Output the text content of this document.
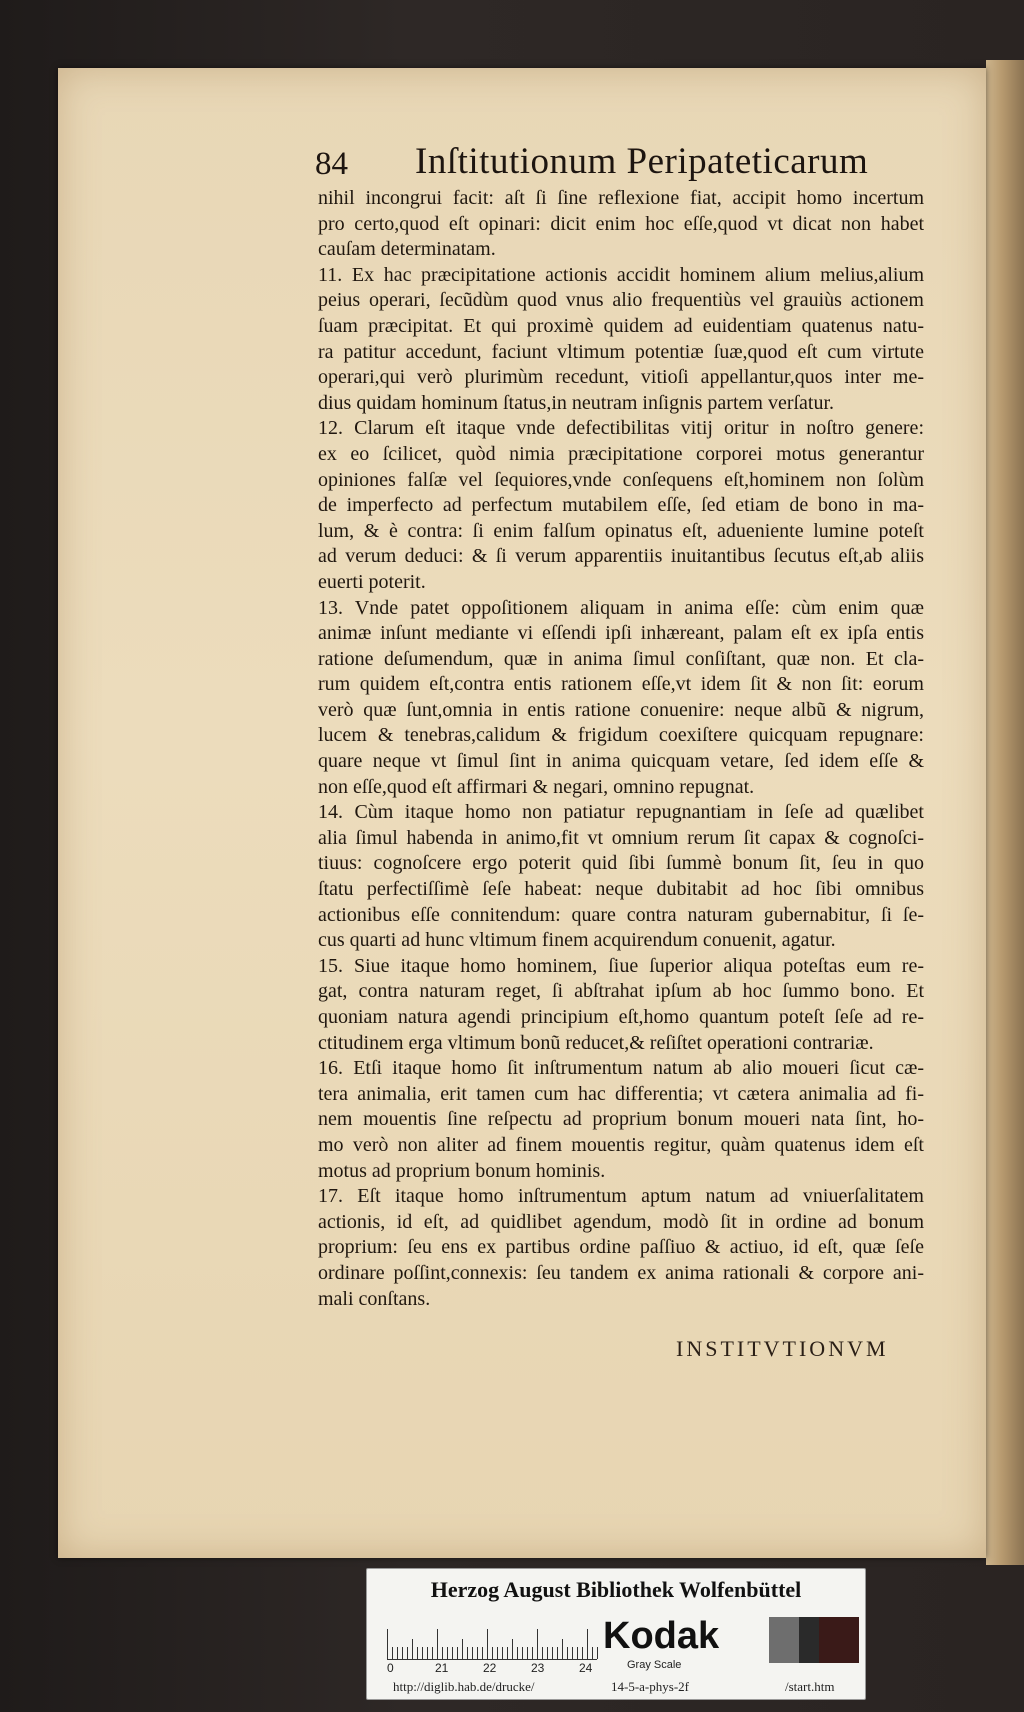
84 Inſtitutionum Peripateticarum
nihil incongrui facit: aſt ſi ſine reflexione fiat, accipit homo incertum
pro certo,quod eſt opinari: dicit enim hoc eſſe,quod vt dicat non habet
cauſam determinatam.
11. Ex hac præcipitatione actionis accidit hominem alium melius,alium
peius operari, ſecũdùm quod vnus alio frequentiùs vel grauiùs actionem
ſuam præcipitat. Et qui proximè quidem ad euidentiam quatenus natu-
ra patitur accedunt, faciunt vltimum potentiæ ſuæ,quod eſt cum virtute
operari,qui verò plurimùm recedunt, vitioſi appellantur,quos inter me-
dius quidam hominum ſtatus,in neutram inſignis partem verſatur.
12. Clarum eſt itaque vnde defectibilitas vitij oritur in noſtro genere:
ex eo ſcilicet, quòd nimia præcipitatione corporei motus generantur
opiniones falſæ vel ſequiores,vnde conſequens eſt,hominem non ſolùm
de imperfecto ad perfectum mutabilem eſſe, ſed etiam de bono in ma-
lum, & è contra: ſi enim falſum opinatus eſt, adueniente lumine poteſt
ad verum deduci: & ſi verum apparentiis inuitantibus ſecutus eſt,ab aliis
euerti poterit.
13. Vnde patet oppoſitionem aliquam in anima eſſe: cùm enim quæ
animæ inſunt mediante vi eſſendi ipſi inhæreant, palam eſt ex ipſa entis
ratione deſumendum, quæ in anima ſimul conſiſtant, quæ non. Et cla-
rum quidem eſt,contra entis rationem eſſe,vt idem ſit & non ſit: eorum
verò quæ ſunt,omnia in entis ratione conuenire: neque albũ & nigrum,
lucem & tenebras,calidum & frigidum coexiſtere quicquam repugnare:
quare neque vt ſimul ſint in anima quicquam vetare, ſed idem eſſe &
non eſſe,quod eſt affirmari & negari, omnino repugnat.
14. Cùm itaque homo non patiatur repugnantiam in ſeſe ad quælibet
alia ſimul habenda in animo,fit vt omnium rerum ſit capax & cognoſci-
tiuus: cognoſcere ergo poterit quid ſibi ſummè bonum ſit, ſeu in quo
ſtatu perfectiſſimè ſeſe habeat: neque dubitabit ad hoc ſibi omnibus
actionibus eſſe connitendum: quare contra naturam gubernabitur, ſi ſe-
cus quarti ad hunc vltimum finem acquirendum conuenit, agatur.
15. Siue itaque homo hominem, ſiue ſuperior aliqua poteſtas eum re-
gat, contra naturam reget, ſi abſtrahat ipſum ab hoc ſummo bono. Et
quoniam natura agendi principium eſt,homo quantum poteſt ſeſe ad re-
ctitudinem erga vltimum bonũ reducet,& reſiſtet operationi contrariæ.
16. Etſi itaque homo ſit inſtrumentum natum ab alio moueri ſicut cæ-
tera animalia, erit tamen cum hac differentia; vt cætera animalia ad fi-
nem mouentis ſine reſpectu ad proprium bonum moueri nata ſint, ho-
mo verò non aliter ad finem mouentis regitur, quàm quatenus idem eſt
motus ad proprium bonum hominis.
17. Eſt itaque homo inſtrumentum aptum natum ad vniuerſalitatem
actionis, id eſt, ad quidlibet agendum, modò ſit in ordine ad bonum
proprium: ſeu ens ex partibus ordine paſſiuo & actiuo, id eſt, quæ ſeſe
ordinare poſſint,connexis: ſeu tandem ex anima rationali & corpore ani-
mali conſtans.
INSTITVTIONVM
Herzog August Bibliothek Wolfenbüttel
0	21	22	23	24
Kodak
Gray Scale
http://diglib.hab.de/drucke/	14-5-a-phys-2f	/start.htm
